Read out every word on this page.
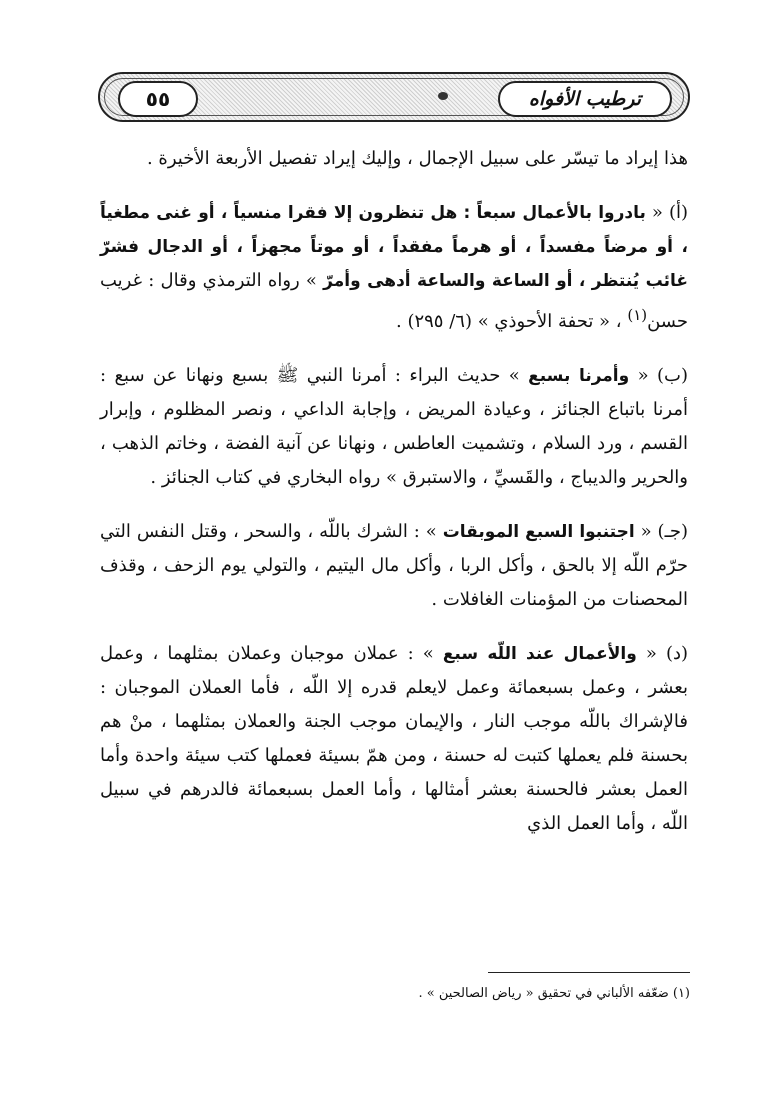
ترطيب الأفواه
٥٥

هذا إيراد ما تيسّر على سبيل الإجمال ، وإليك إيراد تفصيل الأربعة الأخيرة .

(أ) « بادروا بالأعمال سبعاً : هل تنظرون إلا فقرا منسياً ، أو غنى مطغياً ، أو مرضاً مفسداً ، أو هرماً مفقداً ، أو موتاً مجهزاً ، أو الدجال فشرّ غائب يُنتظر ، أو الساعة والساعة أدهى وأمرّ » رواه الترمذي وقال : غريب حسن$^{(١)}$ ، « تحفة الأحوذي » (٦/ ٢٩٥) .

(ب) « وأمرنا بسبع » حديث البراء : أمرنا النبي ﷺ بسبع ونهانا عن سبع : أمرنا باتباع الجنائز ، وعيادة المريض ، وإجابة الداعي ، ونصر المظلوم ، وإبرار القسم ، ورد السلام ، وتشميت العاطس ، ونهانا عن آنية الفضة ، وخاتم الذهب ، والحرير والديباج ، والقَسيِّ ، والاستبرق » رواه البخاري في كتاب الجنائز .

(جـ) « اجتنبوا السبع الموبقات » : الشرك باللّه ، والسحر ، وقتل النفس التي حرّم اللّه إلا بالحق ، وأكل الربا ، وأكل مال اليتيم ، والتولي يوم الزحف ، وقذف المحصنات من المؤمنات الغافلات .

(د) « والأعمال عند اللّه سبع » : عملان موجبان وعملان بمثلهما ، وعمل بعشر ، وعمل بسبعمائة وعمل لايعلم قدره إلا اللّه ، فأما العملان الموجبان : فالإشراك باللّه موجب النار ، والإيمان موجب الجنة والعملان بمثلهما ، منْ هم بحسنة فلم يعملها كتبت له حسنة ، ومن همّ بسيئة فعملها كتب سيئة واحدة وأما العمل بعشر فالحسنة بعشر أمثالها ، وأما العمل بسبعمائة فالدرهم في سبيل اللّه ، وأما العمل الذي

(١) ضعّفه الألباني في تحقيق « رياض الصالحين » .
